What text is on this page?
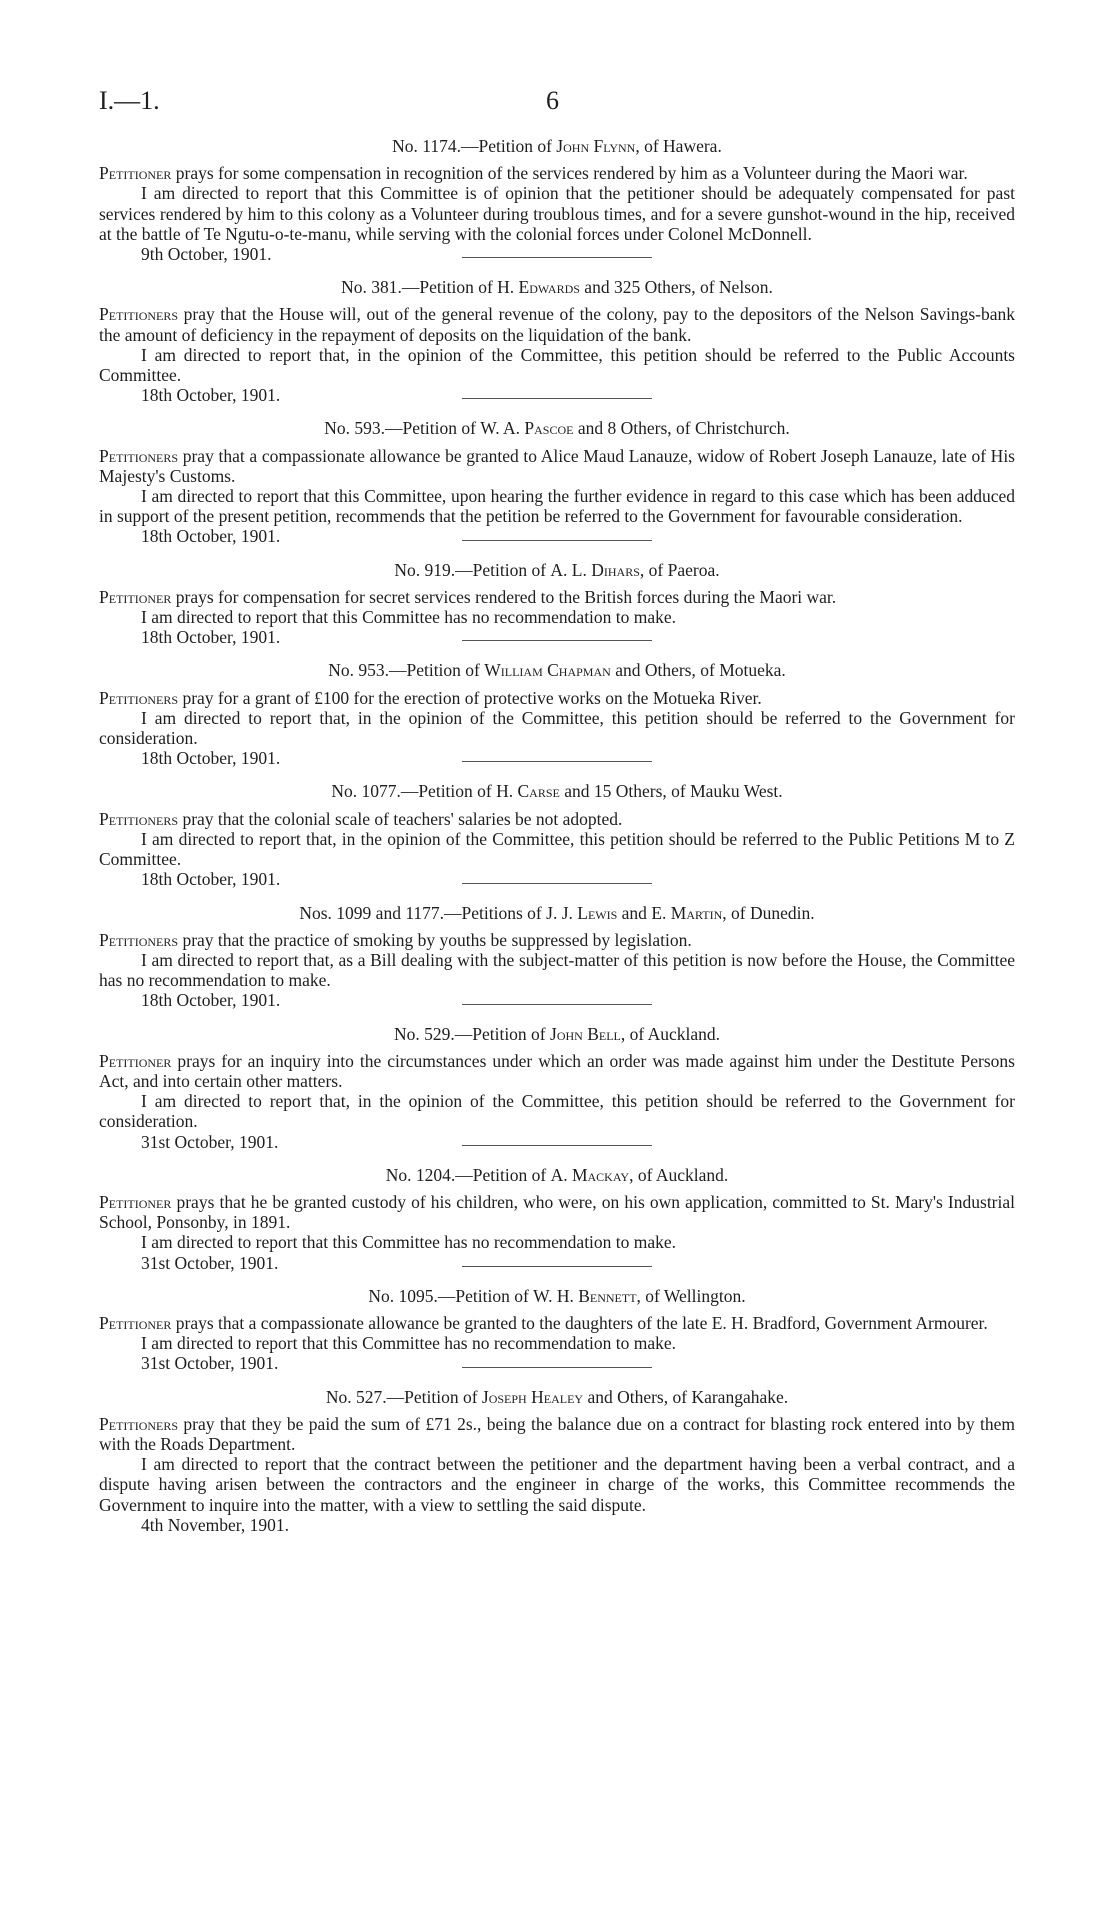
I.—1.	6

No. 1174.—Petition of John Flynn, of Hawera.

Petitioner prays for some compensation in recognition of the services rendered by him as a Volunteer during the Maori war.

I am directed to report that this Committee is of opinion that the petitioner should be adequately compensated for past services rendered by him to this colony as a Volunteer during troublous times, and for a severe gunshot-wound in the hip, received at the battle of Te Ngutu-o-te-manu, while serving with the colonial forces under Colonel McDonnell.

9th October, 1901.

No. 381.—Petition of H. Edwards and 325 Others, of Nelson.

Petitioners pray that the House will, out of the general revenue of the colony, pay to the depositors of the Nelson Savings-bank the amount of deficiency in the repayment of deposits on the liquidation of the bank.

I am directed to report that, in the opinion of the Committee, this petition should be referred to the Public Accounts Committee.

18th October, 1901.

No. 593.—Petition of W. A. Pascoe and 8 Others, of Christchurch.

Petitioners pray that a compassionate allowance be granted to Alice Maud Lanauze, widow of Robert Joseph Lanauze, late of His Majesty's Customs.

I am directed to report that this Committee, upon hearing the further evidence in regard to this case which has been adduced in support of the present petition, recommends that the petition be referred to the Government for favourable consideration.

18th October, 1901.

No. 919.—Petition of A. L. Dihars, of Paeroa.

Petitioner prays for compensation for secret services rendered to the British forces during the Maori war.

I am directed to report that this Committee has no recommendation to make.

18th October, 1901.

No. 953.—Petition of William Chapman and Others, of Motueka.

Petitioners pray for a grant of £100 for the erection of protective works on the Motueka River.

I am directed to report that, in the opinion of the Committee, this petition should be referred to the Government for consideration.

18th October, 1901.

No. 1077.—Petition of H. Carse and 15 Others, of Mauku West.

Petitioners pray that the colonial scale of teachers' salaries be not adopted.

I am directed to report that, in the opinion of the Committee, this petition should be referred to the Public Petitions M to Z Committee.

18th October, 1901.

Nos. 1099 and 1177.—Petitions of J. J. Lewis and E. Martin, of Dunedin.

Petitioners pray that the practice of smoking by youths be suppressed by legislation.

I am directed to report that, as a Bill dealing with the subject-matter of this petition is now before the House, the Committee has no recommendation to make.

18th October, 1901.

No. 529.—Petition of John Bell, of Auckland.

Petitioner prays for an inquiry into the circumstances under which an order was made against him under the Destitute Persons Act, and into certain other matters.

I am directed to report that, in the opinion of the Committee, this petition should be referred to the Government for consideration.

31st October, 1901.

No. 1204.—Petition of A. Mackay, of Auckland.

Petitioner prays that he be granted custody of his children, who were, on his own application, committed to St. Mary's Industrial School, Ponsonby, in 1891.

I am directed to report that this Committee has no recommendation to make.

31st October, 1901.

No. 1095.—Petition of W. H. Bennett, of Wellington.

Petitioner prays that a compassionate allowance be granted to the daughters of the late E. H. Bradford, Government Armourer.

I am directed to report that this Committee has no recommendation to make.

31st October, 1901.

No. 527.—Petition of Joseph Healey and Others, of Karangahake.

Petitioners pray that they be paid the sum of £71 2s., being the balance due on a contract for blasting rock entered into by them with the Roads Department.

I am directed to report that the contract between the petitioner and the department having been a verbal contract, and a dispute having arisen between the contractors and the engineer in charge of the works, this Committee recommends the Government to inquire into the matter, with a view to settling the said dispute.

4th November, 1901.
